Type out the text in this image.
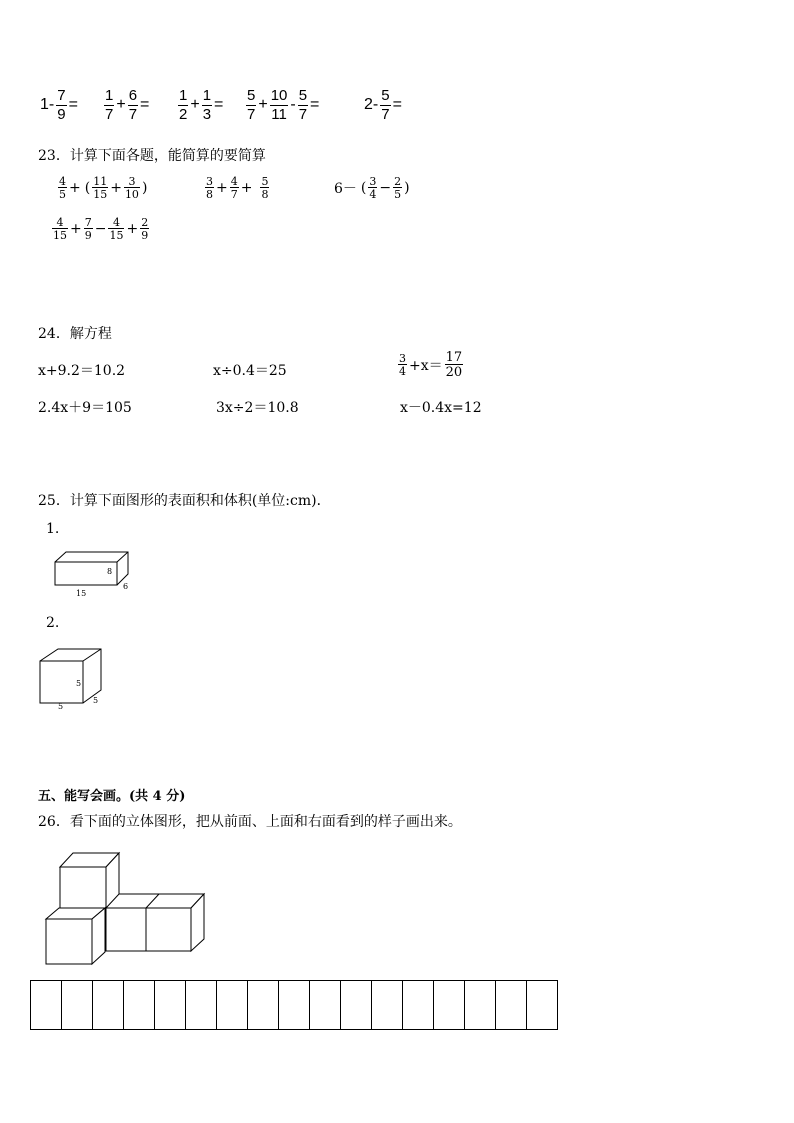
$1- \frac{7}{9} = \frac{1}{7} + \frac{6}{7} = \frac{1}{2} + \frac{1}{3} = \frac{5}{7} + \frac{10}{11} - \frac{5}{7}$ =	$2- \frac{5}{7}$ =
23．计算下面各题，能简算的要简算
$\frac{4}{5}$ + ( $\frac{11}{15} + \frac{3}{10}$ )	$\frac{3}{8} + \frac{4}{7} + \frac{5}{8}$	6－ ( $\frac{3}{4} - \frac{2}{5}$ )
$\frac{4}{15} + \frac{7}{9} - \frac{4}{15} + \frac{2}{9}$
24．解方程
x+9.2＝10.2	x÷0.4＝25	$\frac{3}{4} +x= \frac{17}{20}$
2.4x＋9＝105	3x÷2＝10.8	x－0.4x=12
25．计算下面图形的表面积和体积(单位:cm)．
1.
8
15
6
2.
5
5
5
五、能写会画。(共 4 分)
26．看下面的立体图形，把从前面、上面和右面看到的样子画出来。
